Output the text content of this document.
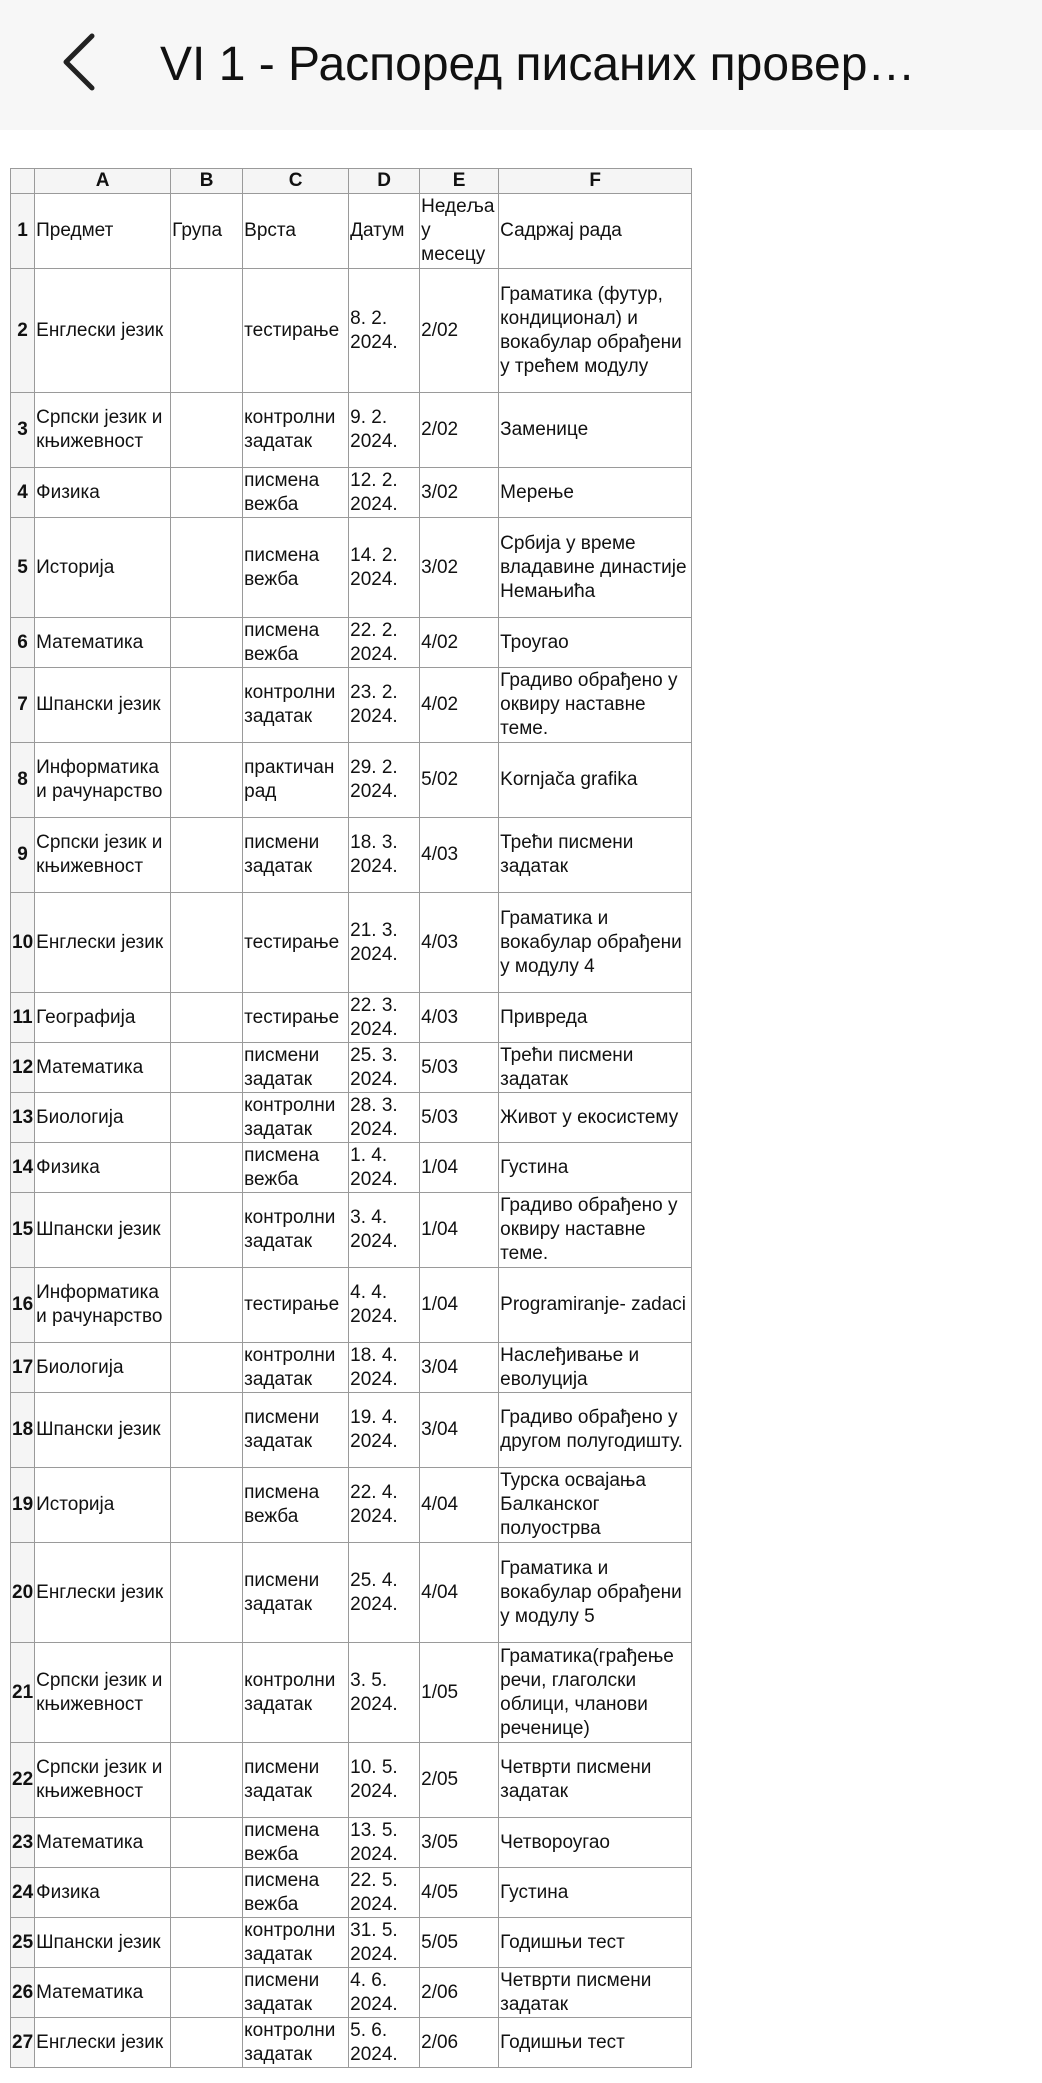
VI 1 - Распоред писаних провер…
	A	B	C	D	E	F
1	Предмет	Група	Врста	Датум	Недеља у месецу	Садржај рада
2	Енглески језик		тестирање	8. 2. 2024.	2/02	Граматика (футур, кондиционал) и вокабулар обрађени у трећем модулу
3	Српски језик и књижевност		контролни задатак	9. 2. 2024.	2/02	Заменице
4	Физика		писмена вежба	12. 2. 2024.	3/02	Мерење
5	Историја		писмена вежба	14. 2. 2024.	3/02	Србија у време владавине династије Немањића
6	Математика		писмена вежба	22. 2. 2024.	4/02	Троугао
7	Шпански језик		контролни задатак	23. 2. 2024.	4/02	Градиво обрађено у оквиру наставне теме.
8	Информатика и рачунарство		практичан рад	29. 2. 2024.	5/02	Kornjača grafika
9	Српски језик и књижевност		писмени задатак	18. 3. 2024.	4/03	Трећи писмени задатак
10	Енглески језик		тестирање	21. 3. 2024.	4/03	Граматика и вокабулар обрађени у модулу 4
11	Географија		тестирање	22. 3. 2024.	4/03	Привреда
12	Математика		писмени задатак	25. 3. 2024.	5/03	Трећи писмени задатак
13	Биологија		контролни задатак	28. 3. 2024.	5/03	Живот у екосистему
14	Физика		писмена вежба	1. 4. 2024.	1/04	Густина
15	Шпански језик		контролни задатак	3. 4. 2024.	1/04	Градиво обрађено у оквиру наставне теме.
16	Информатика и рачунарство		тестирање	4. 4. 2024.	1/04	Programiranje- zadaci
17	Биологија		контролни задатак	18. 4. 2024.	3/04	Наслеђивање и еволуција
18	Шпански језик		писмени задатак	19. 4. 2024.	3/04	Градиво обрађено у другом полугодишту.
19	Историја		писмена вежба	22. 4. 2024.	4/04	Турска освајања Балканског полуострва
20	Енглески језик		писмени задатак	25. 4. 2024.	4/04	Граматика и вокабулар обрађени у модулу 5
21	Српски језик и књижевност		контролни задатак	3. 5. 2024.	1/05	Граматика(грађење речи, глаголски облици, чланови реченице)
22	Српски језик и књижевност		писмени задатак	10. 5. 2024.	2/05	Четврти писмени задатак
23	Математика		писмена вежба	13. 5. 2024.	3/05	Четвороугао
24	Физика		писмена вежба	22. 5. 2024.	4/05	Густина
25	Шпански језик		контролни задатак	31. 5. 2024.	5/05	Годишњи тест
26	Математика		писмени задатак	4. 6. 2024.	2/06	Четврти писмени задатак
27	Енглески језик		контролни задатак	5. 6. 2024.	2/06	Годишњи тест
